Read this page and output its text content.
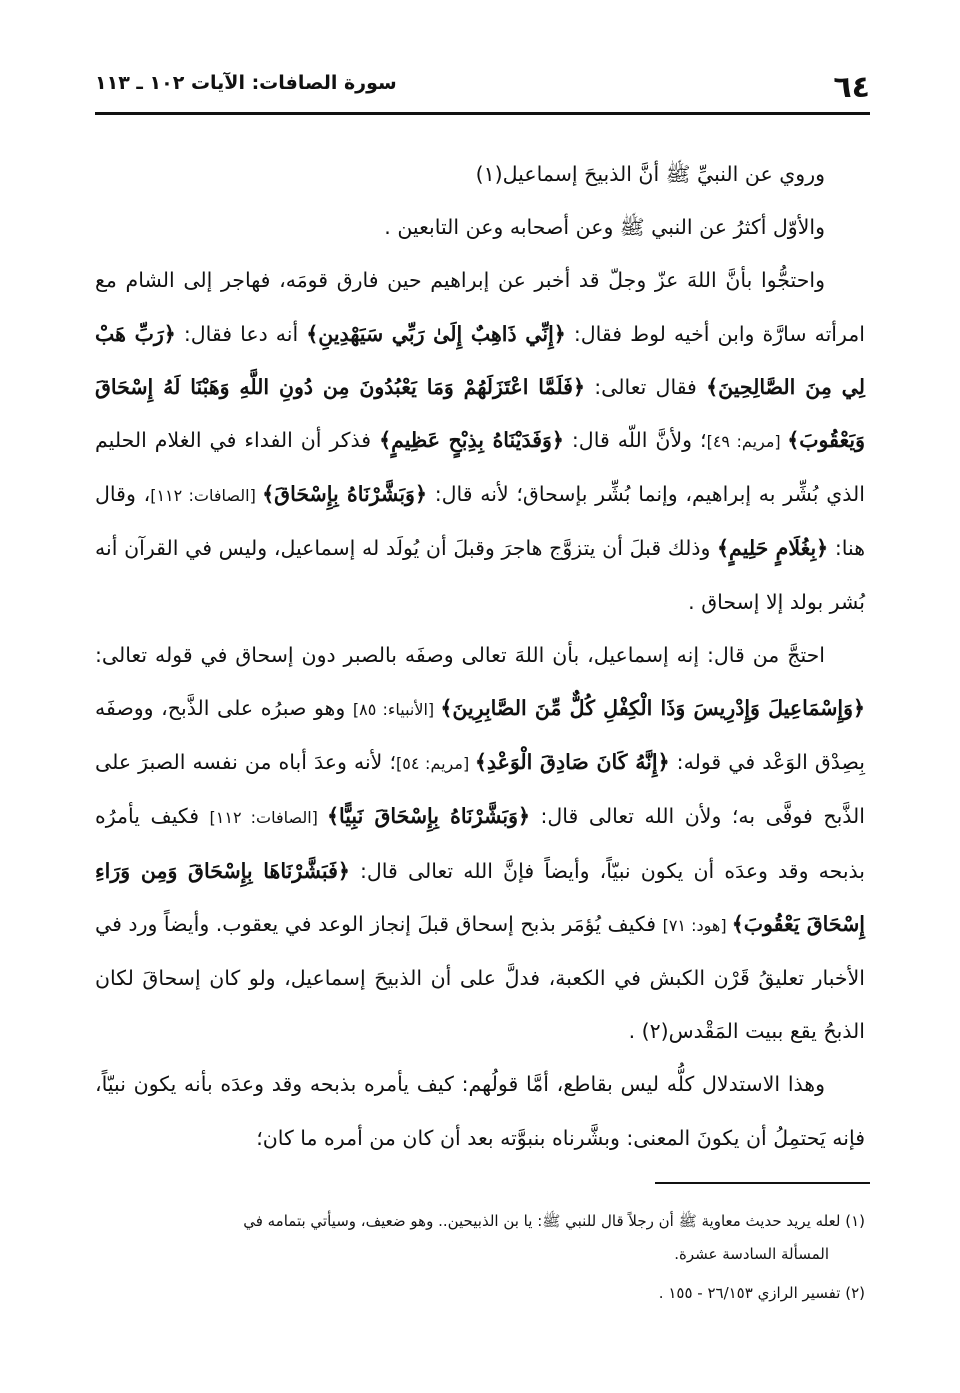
٦٤
سورة الصافات: الآيات ١٠٢ ـ ١١٣

وروي عن النبيِّ ﷺ أنَّ الذبيحَ إسماعيل(١)

والأوّل أكثرُ عن النبي ﷺ وعن أصحابه وعن التابعين .

واحتجُّوا بأنَّ اللهَ عزّ وجلّ قد أخبر عن إبراهيم حين فارق قومَه، فهاجر إلى الشام مع امرأته سارَّة وابن أخيه لوط فقال: ﴿إِنِّي ذَاهِبٌ إِلَىٰ رَبِّي سَيَهْدِينِ﴾ أنه دعا فقال: ﴿رَبِّ هَبْ لِي مِنَ الصَّالِحِينَ﴾ فقال تعالى: ﴿فَلَمَّا اعْتَزَلَهُمْ وَمَا يَعْبُدُونَ مِن دُونِ اللَّهِ وَهَبْنَا لَهُ إِسْحَاقَ وَيَعْقُوبَ﴾ [مريم: ٤٩]؛ ولأنَّ اللّه قال: ﴿وَفَدَيْنَاهُ بِذِبْحٍ عَظِيمٍ﴾ فذكر أن الفداء في الغلام الحليم الذي بُشِّر به إبراهيم، وإنما بُشِّر بإسحاق؛ لأنه قال: ﴿وَبَشَّرْنَاهُ بِإِسْحَاقَ﴾ [الصافات: ١١٢]، وقال هنا: ﴿بِغُلَامٍ حَلِيمٍ﴾ وذلك قبلَ أن يتزوَّج هاجرَ وقبلَ أن يُولَد له إسماعيل، وليس في القرآن أنه بُشر بولد إلا إسحاق .

احتجَّ من قال: إنه إسماعيل، بأن اللهَ تعالى وصفَه بالصبر دون إسحاق في قوله تعالى: ﴿وَإِسْمَاعِيلَ وَإِدْرِيسَ وَذَا الْكِفْلِ كُلٌّ مِّنَ الصَّابِرِينَ﴾ [الأنبياء: ٨٥] وهو صبرُه على الذَّبح، ووصفَه بِصِدْق الوَعْد في قوله: ﴿إِنَّهُ كَانَ صَادِقَ الْوَعْدِ﴾ [مريم: ٥٤]؛ لأنه وعدَ أباه من نفسه الصبرَ على الذَّبح فوفَّى به؛ ولأن الله تعالى قال: ﴿وَبَشَّرْنَاهُ بِإِسْحَاقَ نَبِيًّا﴾ [الصافات: ١١٢] فكيف يأمرُه بذبحه وقد وعدَه أن يكون نبيّاً، وأيضاً فإنَّ الله تعالى قال: ﴿فَبَشَّرْنَاهَا بِإِسْحَاقَ وَمِن وَرَاءِ إِسْحَاقَ يَعْقُوبَ﴾ [هود: ٧١] فكيف يُؤمَر بذبح إسحاق قبلَ إنجاز الوعد في يعقوب. وأيضاً ورد في الأخبار تعليقُ قَرْن الكبش في الكعبة، فدلَّ على أن الذبيحَ إسماعيل، ولو كان إسحاقَ لكان الذبحُ يقع ببيت المَقْدس(٢) .

وهذا الاستدلال كلُّه ليس بقاطع، أمَّا قولُهم: كيف يأمره بذبحه وقد وعدَه بأنه يكون نبيّاً، فإنه يَحتمِلُ أن يكونَ المعنى: وبشَّرناه بنبوَّته بعد أن كان من أمره ما كان؛

(١) لعله يريد حديث معاوية ﷺ أن رجلاً قال للنبي ﷺ: يا بن الذبيحين.. وهو ضعيف، وسيأتي بتمامه في
المسألة السادسة عشرة.

(٢) تفسير الرازي ٢٦/١٥٣ - ١٥٥ .
